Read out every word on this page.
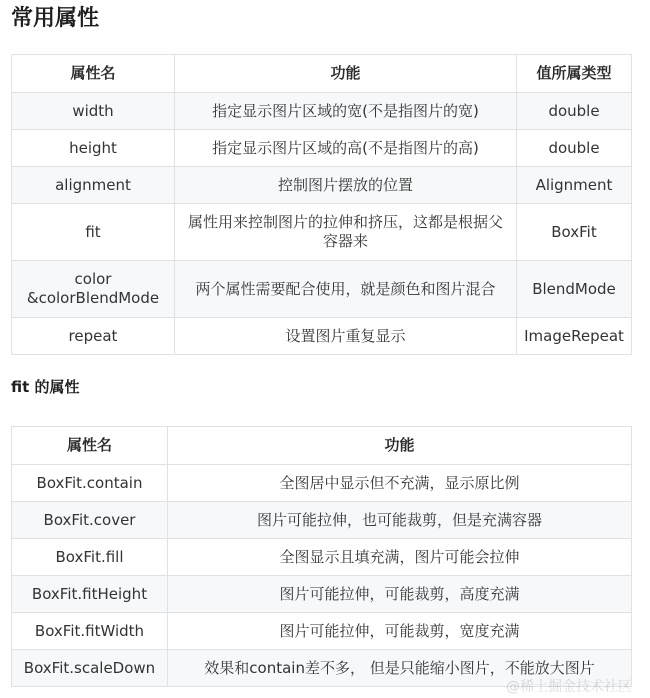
常用属性
属性名	功能	值所属类型
width	指定显示图片区域的宽(不是指图片的宽)	double
height	指定显示图片区域的高(不是指图片的高)	double
alignment	控制图片摆放的位置	Alignment
fit	属性用来控制图片的拉伸和挤压，这都是根据父容器来	BoxFit
color &colorBlendMode	两个属性需要配合使用，就是颜色和图片混合	BlendMode
repeat	设置图片重复显示	ImageRepeat
fit 的属性
属性名	功能
BoxFit.contain	全图居中显示但不充满，显示原比例
BoxFit.cover	图片可能拉伸，也可能裁剪，但是充满容器
BoxFit.fill	全图显示且填充满，图片可能会拉伸
BoxFit.fitHeight	图片可能拉伸，可能裁剪，高度充满
BoxFit.fitWidth	图片可能拉伸，可能裁剪，宽度充满
BoxFit.scaleDown	效果和contain差不多， 但是只能缩小图片，不能放大图片
@稀土掘金技术社区
